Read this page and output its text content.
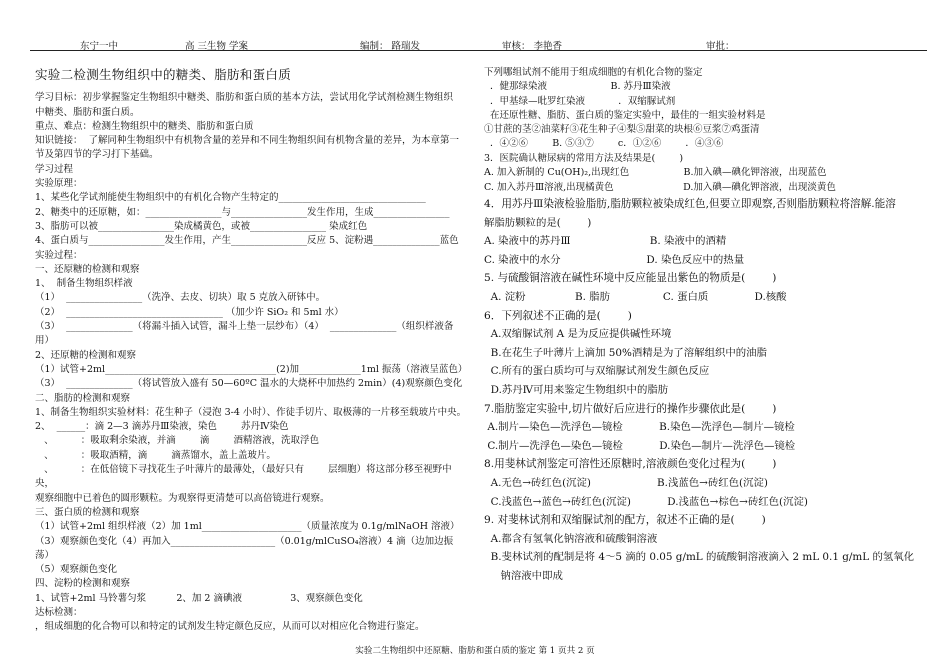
东宁一中	高 三生物 学案	编制： 路瑞发	审核： 李艳香	审批：
实验二检测生物组织中的糖类、脂肪和蛋白质

学习目标：初步掌握鉴定生物组织中糖类、脂肪和蛋白质的基本方法，尝试用化学试剂检测生物组织

中糖类、脂肪和蛋白质。

重点、难点：检测生物组织中的糖类、脂肪和蛋白质

知识链接：  了解同种生物组织中有机物含量的差异和不同生物组织间有机物含量的差异，为本章第一

节及第四节的学习打下基础。

学习过程

实验原理：

1、某些化学试剂能使生物组织中的有机化合物产生特定的_______________________________

2、糖类中的还原糖，如：________________与________________发生作用，生成________________

3、脂肪可以被________________染成橘黄色，或被________________ 染成红色

4、蛋白质与________________发生作用，产生________________反应 5、淀粉遇______________蓝色

实验过程：

一、还原糖的检测和观察

1、  制备生物组织样液

（1）  ________________（洗净、去皮、切块）取 5 克放入研钵中。

（2）  _________________________________ （加少许 SiO₂ 和 5ml 水）

（3）  ______________（将漏斗插入试管，漏斗上垫一层纱布）（4）  ______________（组织样液备用）

2、还原糖的检测和观察

（1）试管+2ml____________________________________(2)加_____________1ml 振荡（溶液呈蓝色）

（3）  ______________（将试管放入盛有 50—60ºC 温水的大烧杯中加热约 2min）(4)观察颜色变化

二、脂肪的检测和观察

1、制备生物组织实验材料：花生种子（浸泡 3-4 小时）、作徒手切片、取极薄的一片移至载玻片中央。

2、  ______：滴 2—3 滴苏丹Ⅲ染液，染色        苏丹Ⅳ染色

、         ：吸取剩余染液，并滴        滴        酒精溶液，洗取浮色

、         ：吸取酒精，滴        滴蒸馏水，盖上盖玻片。

、         ：在低倍镜下寻找花生子叶薄片的最薄处，（最好只有        层细胞）将这部分移至视野中央，

观察细胞中已着色的圆形颗粒。为观察得更清楚可以高倍镜进行观察。

三、蛋白质的检测和观察

（1）试管+2ml 组织样液（2）加 1ml_____________________（质量浓度为 0.1g/mlNaOH 溶液）

（3）观察颜色变化（4）再加入______________________（0.01g/mlCuSO₄溶液）4 滴（边加边振荡）

（5）观察颜色变化

四、淀粉的检测和观察

1、试管+2ml 马铃薯匀浆          2、加 2 滴碘液                3、观察颜色变化

达标检测：

，组成细胞的化合物可以和特定的试剂发生特定颜色反应，从而可以对相应化合物进行鉴定。

下列哪组试剂不能用于组成细胞的有机化合物的鉴定

．健那绿染液                     B. 苏丹Ⅲ染液

．甲基绿—吡罗红染液           ．双缩脲试剂

在还原性糖、脂肪、蛋白质的鉴定实验中，最佳的一组实验材料是

①甘蔗的茎②油菜籽③花生种子④梨⑤甜菜的块根⑥豆浆⑦鸡蛋清

．④②⑥        B. ⑤③⑦        c．①②⑥        ．④③⑥

3．医院确认糖尿病的常用方法及结果是(        )

A. 加入新制的 Cu(OH)₂,出现红色                  B.加入碘—碘化钾溶液，出现蓝色

C. 加入苏丹Ⅲ溶液,出现橘黄色                       D.加入碘—碘化钾溶液，出现淡黄色

4．用苏丹Ⅲ染液检验脂肪,脂肪颗粒被染成红色,但要立即观察,否则脂肪颗粒将溶解.能溶

解脂肪颗粒的是(        )

A. 染液中的苏丹Ⅲ                        B. 染液中的酒精

C. 染液中的水分                          D. 染色反应中的热量

5. 与硫酸铜溶液在碱性环境中反应能显出紫色的物质是(        )

A. 淀粉               B. 脂肪                C. 蛋白质              D.核酸

6．下列叙述不正确的是(        )

A.双缩脲试剂 A 是为反应提供碱性环境

B.在花生子叶薄片上滴加 50%酒精是为了溶解组织中的油脂

C.所有的蛋白质均可与双缩脲试剂发生颜色反应

D.苏丹Ⅳ可用来鉴定生物组织中的脂肪

7.脂肪鉴定实验中,切片做好后应进行的操作步骤依此是(        )

A.制片—染色—洗浮色—镜检           B.染色—洗浮色—制片—镜检

C.制片—洗浮色—染色—镜检           D.染色—制片—洗浮色—镜检

8.用斐林试剂鉴定可溶性还原糖时,溶液颜色变化过程为(        )

A.无色→砖红色(沉淀)                    B.浅蓝色→砖红色(沉淀)

C.浅蓝色→蓝色→砖红色(沉淀)           D.浅蓝色→棕色→砖红色(沉淀)

9. 对斐林试剂和双缩脲试剂的配方，叙述不正确的是(        )

A.都含有氢氧化钠溶液和硫酸铜溶液

B.斐林试剂的配制是将 4～5 滴的 0.05 g/mL 的硫酸铜溶液滴入 2 mL 0.1 g/mL 的氢氧化

钠溶液中即成

实验二生物组织中还原糖、脂肪和蛋白质的鉴定 第 1 页共 2 页
